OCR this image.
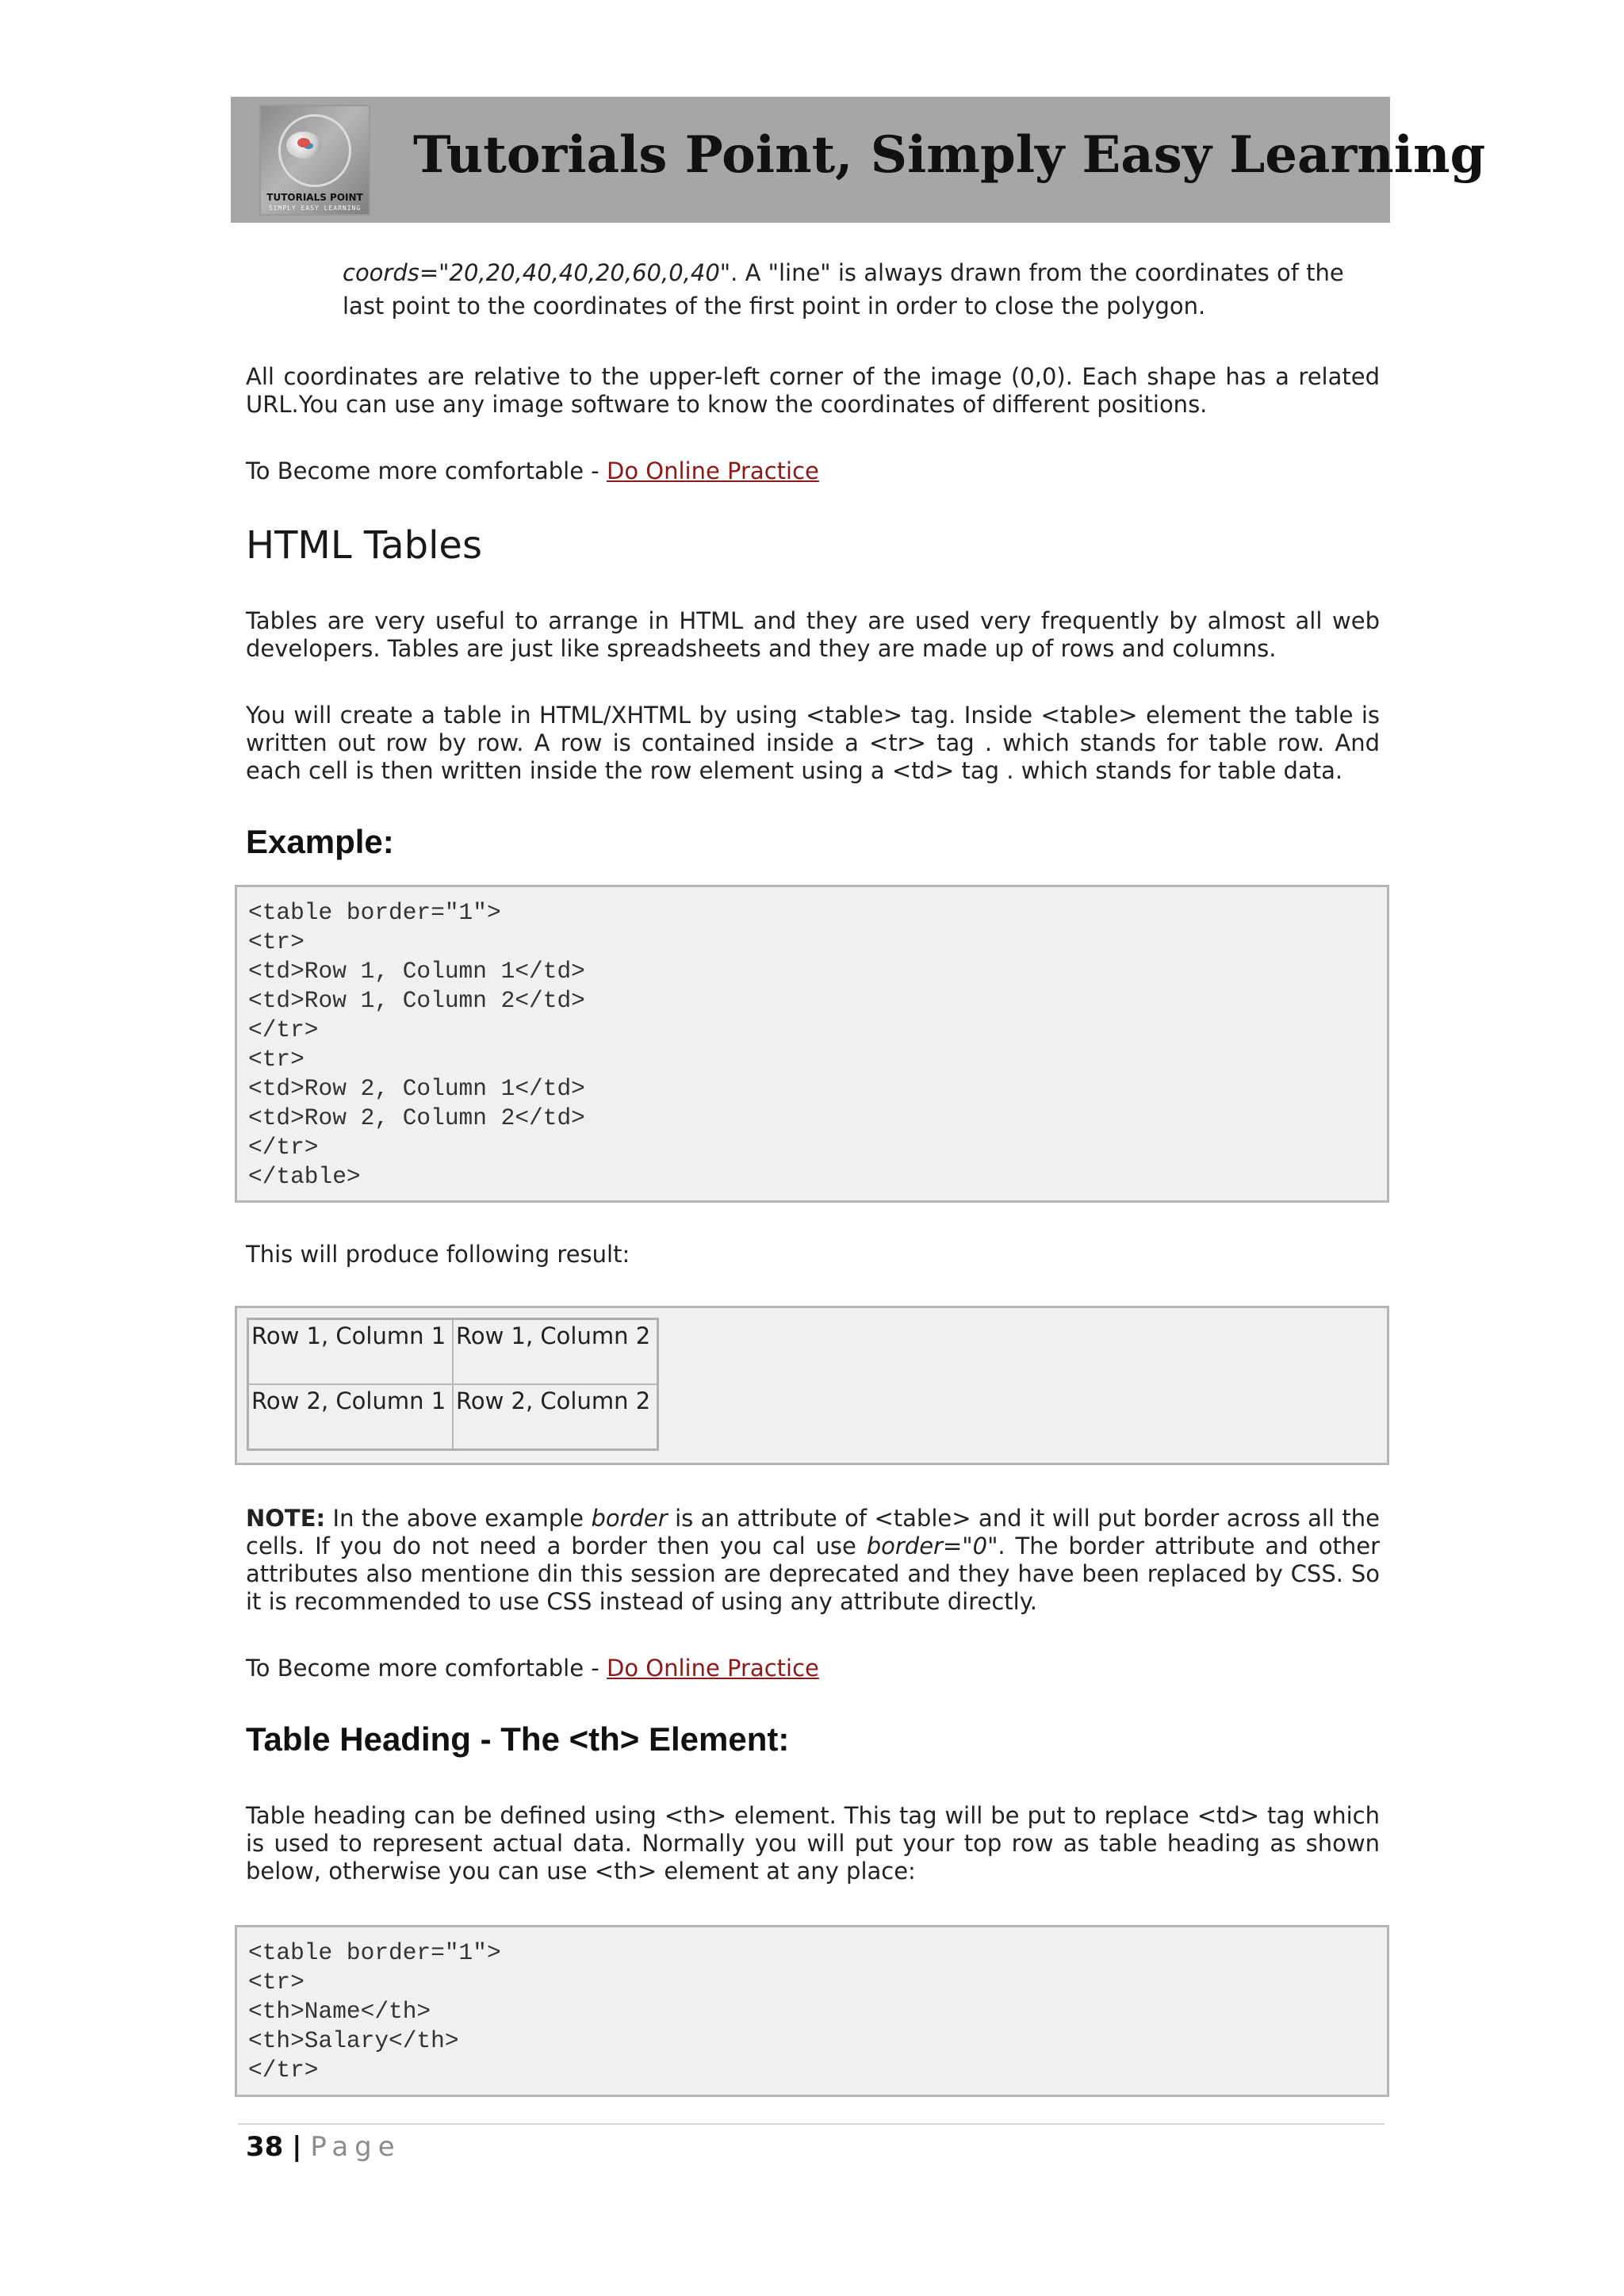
TUTORIALS POINT
SIMPLY EASY LEARNING
Tutorials Point, Simply Easy Learning
coords="20,20,40,40,20,60,0,40". A "line" is always drawn from the coordinates of the last point to the coordinates of the first point in order to close the polygon.
All coordinates are relative to the upper-left corner of the image (0,0). Each shape has a related URL.You can use any image software to know the coordinates of different positions.
To Become more comfortable - Do Online Practice
HTML Tables
Tables are very useful to arrange in HTML and they are used very frequently by almost all web developers. Tables are just like spreadsheets and they are made up of rows and columns.
You will create a table in HTML/XHTML by using <table> tag. Inside <table> element the table is written out row by row. A row is contained inside a <tr> tag . which stands for table row. And each cell is then written inside the row element using a <td> tag . which stands for table data.
Example:
<table border="1">
<tr>
<td>Row 1, Column 1</td>
<td>Row 1, Column 2</td>
</tr>
<tr>
<td>Row 2, Column 1</td>
<td>Row 2, Column 2</td>
</tr>
</table>
This will produce following result:
Row 1, Column 1	Row 1, Column 2
Row 2, Column 1	Row 2, Column 2
NOTE: In the above example border is an attribute of <table> and it will put border across all the cells. If you do not need a border then you cal use border="0". The border attribute and other attributes also mentione din this session are deprecated and they have been replaced by CSS. So it is recommended to use CSS instead of using any attribute directly.
To Become more comfortable - Do Online Practice
Table Heading - The <th> Element:
Table heading can be defined using <th> element. This tag will be put to replace <td> tag which is used to represent actual data. Normally you will put your top row as table heading as shown below, otherwise you can use <th> element at any place:
<table border="1">
<tr>
<th>Name</th>
<th>Salary</th>
</tr>
38 | Page
